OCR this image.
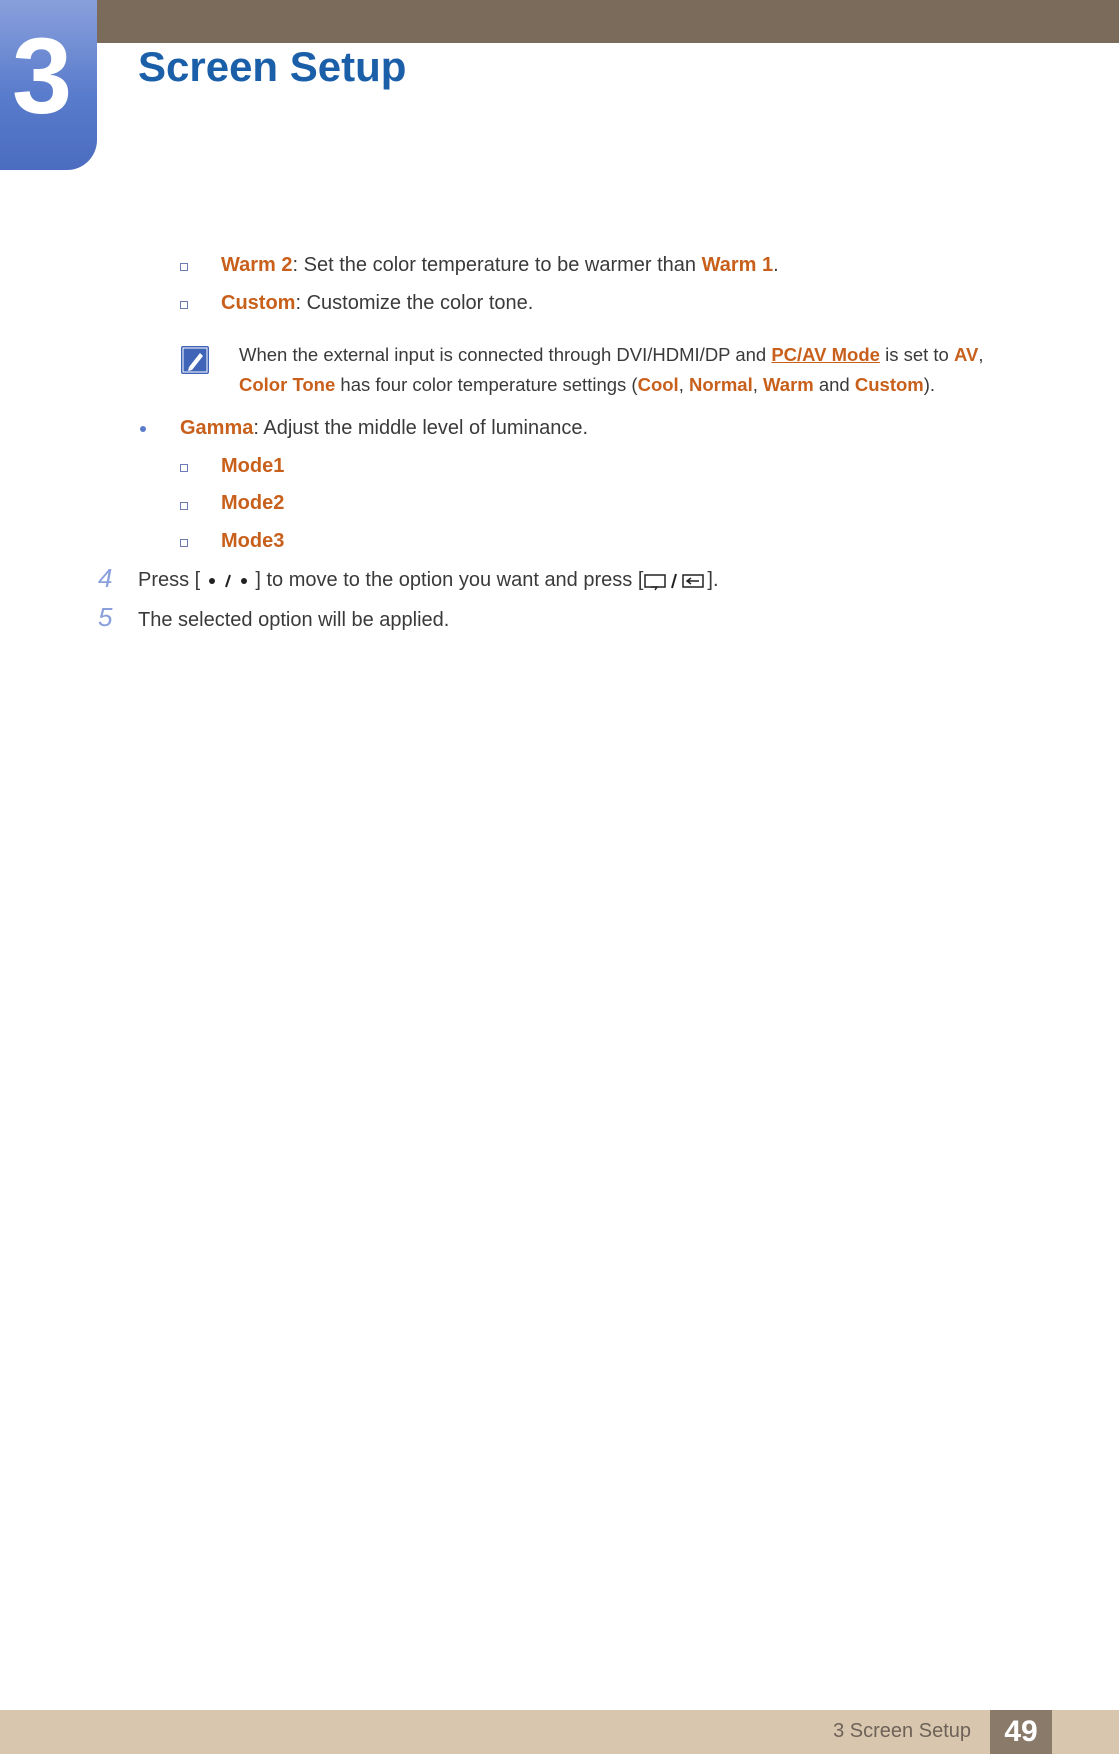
3 Screen Setup
Warm 2: Set the color temperature to be warmer than Warm 1.
Custom: Customize the color tone.
When the external input is connected through DVI/HDMI/DP and PC/AV Mode is set to AV,
Color Tone has four color temperature settings (Cool, Normal, Warm and Custom).
Gamma: Adjust the middle level of luminance.
Mode1
Mode2
Mode3
4 Press [	] to move to the option you want and press [	].
5 The selected option will be applied.
3 Screen Setup	49
